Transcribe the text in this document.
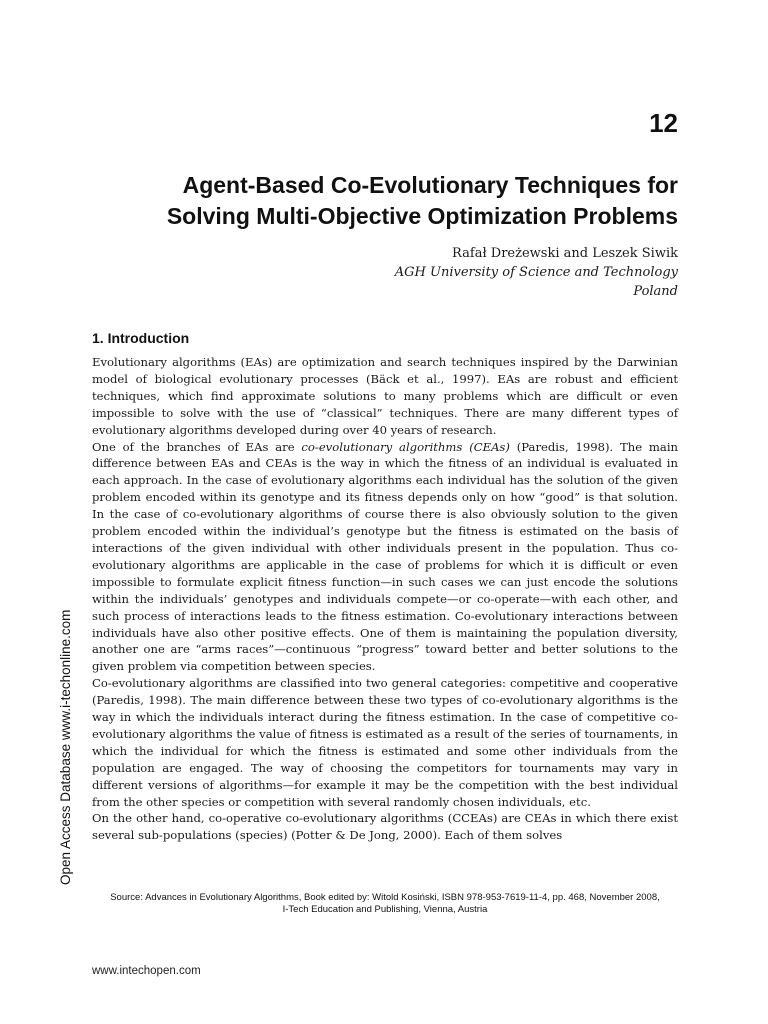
12
Agent-Based Co-Evolutionary Techniques for
Solving Multi-Objective Optimization Problems
Rafał Dreżewski and Leszek Siwik
AGH University of Science and Technology
Poland
1. Introduction

Evolutionary algorithms (EAs) are optimization and search techniques inspired by the Darwinian model of biological evolutionary processes (Bäck et al., 1997). EAs are robust and efficient techniques, which find approximate solutions to many problems which are difficult or even impossible to solve with the use of “classical” techniques. There are many different types of evolutionary algorithms developed during over 40 years of research.

One of the branches of EAs are co-evolutionary algorithms (CEAs) (Paredis, 1998). The main difference between EAs and CEAs is the way in which the fitness of an individual is evaluated in each approach. In the case of evolutionary algorithms each individual has the solution of the given problem encoded within its genotype and its fitness depends only on how “good” is that solution. In the case of co-evolutionary algorithms of course there is also obviously solution to the given problem encoded within the individual’s genotype but the fitness is estimated on the basis of interactions of the given individual with other individuals present in the population. Thus co-evolutionary algorithms are applicable in the case of problems for which it is difficult or even impossible to formulate explicit fitness function—in such cases we can just encode the solutions within the individuals’ genotypes and individuals compete—or co-operate—with each other, and such process of interactions leads to the fitness estimation. Co-evolutionary interactions between individuals have also other positive effects. One of them is maintaining the population diversity, another one are “arms races”—continuous “progress” toward better and better solutions to the given problem via competition between species.

Co-evolutionary algorithms are classified into two general categories: competitive and cooperative (Paredis, 1998). The main difference between these two types of co-evolutionary algorithms is the way in which the individuals interact during the fitness estimation. In the case of competitive co-evolutionary algorithms the value of fitness is estimated as a result of the series of tournaments, in which the individual for which the fitness is estimated and some other individuals from the population are engaged. The way of choosing the competitors for tournaments may vary in different versions of algorithms—for example it may be the competition with the best individual from the other species or competition with several randomly chosen individuals, etc.

On the other hand, co-operative co-evolutionary algorithms (CCEAs) are CEAs in which there exist several sub-populations (species) (Potter & De Jong, 2000). Each of them solves

Open Access Database www.i-techonline.com
Source: Advances in Evolutionary Algorithms, Book edited by: Witold Kosiński, ISBN 978-953-7619-11-4, pp. 468, November 2008,
I-Tech Education and Publishing, Vienna, Austria
www.intechopen.com
